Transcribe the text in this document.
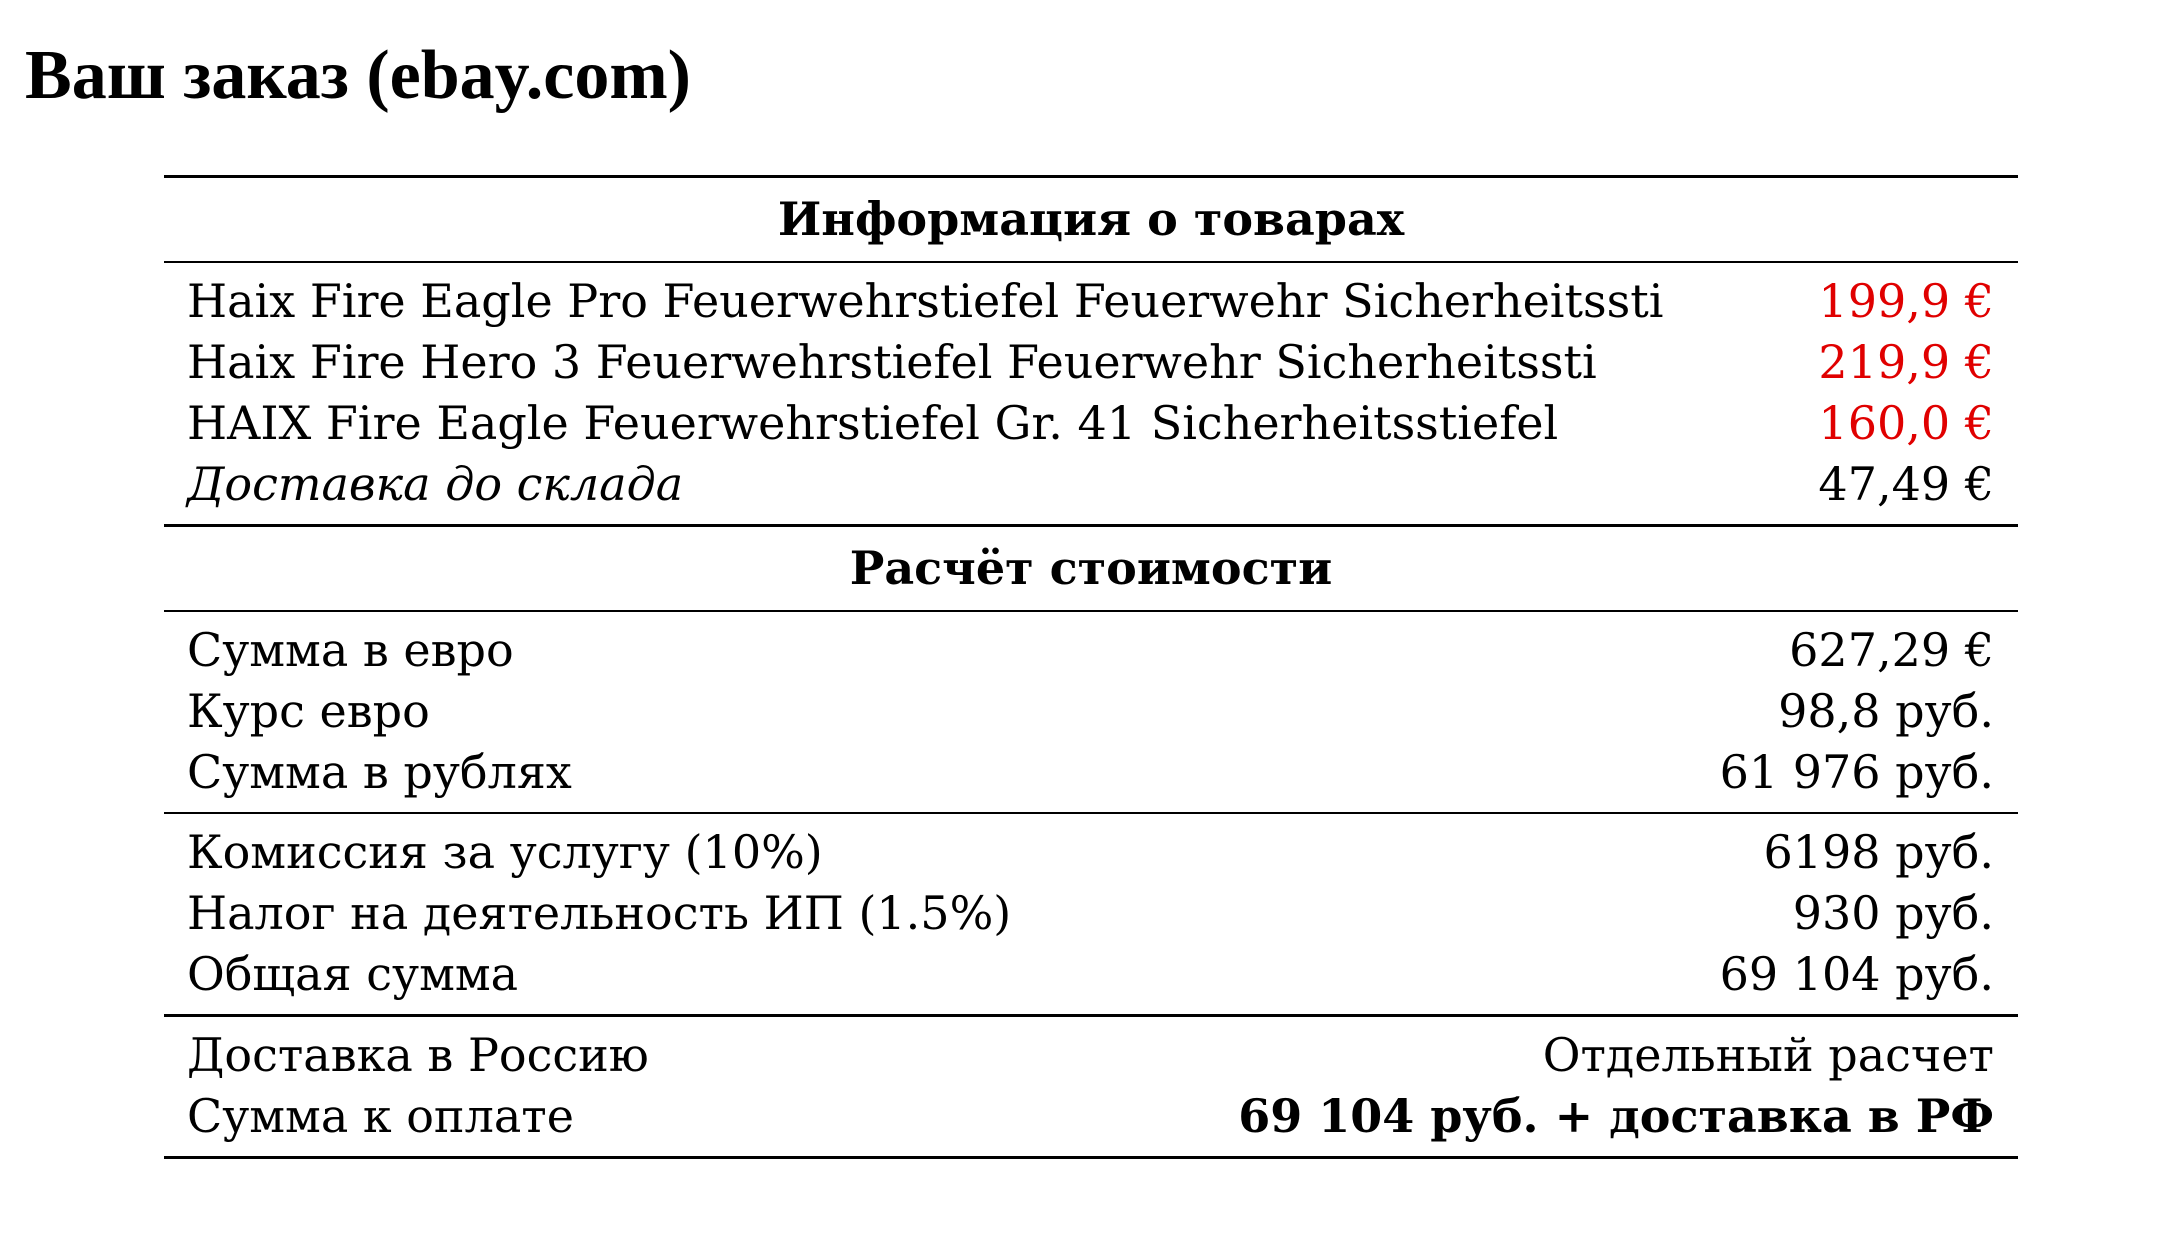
Ваш заказ (ebay.com)
Информация о товарах
Haix Fire Eagle Pro Feuerwehrstiefel Feuerwehr Sicherheitssti	199,9 €
Haix Fire Hero 3 Feuerwehrstiefel Feuerwehr Sicherheitssti	219,9 €
HAIX Fire Eagle Feuerwehrstiefel Gr. 41 Sicherheitsstiefel	160,0 €
Доставка до склада	47,49 €
Расчёт стоимости
Сумма в евро	627,29 €
Курс евро	98,8 руб.
Сумма в рублях	61 976 руб.
Комиссия за услугу (10%)	6198 руб.
Налог на деятельность ИП (1.5%)	930 руб.
Общая сумма	69 104 руб.
Доставка в Россию	Отдельный расчет
Сумма к оплате	69 104 руб. + доставка в РФ
